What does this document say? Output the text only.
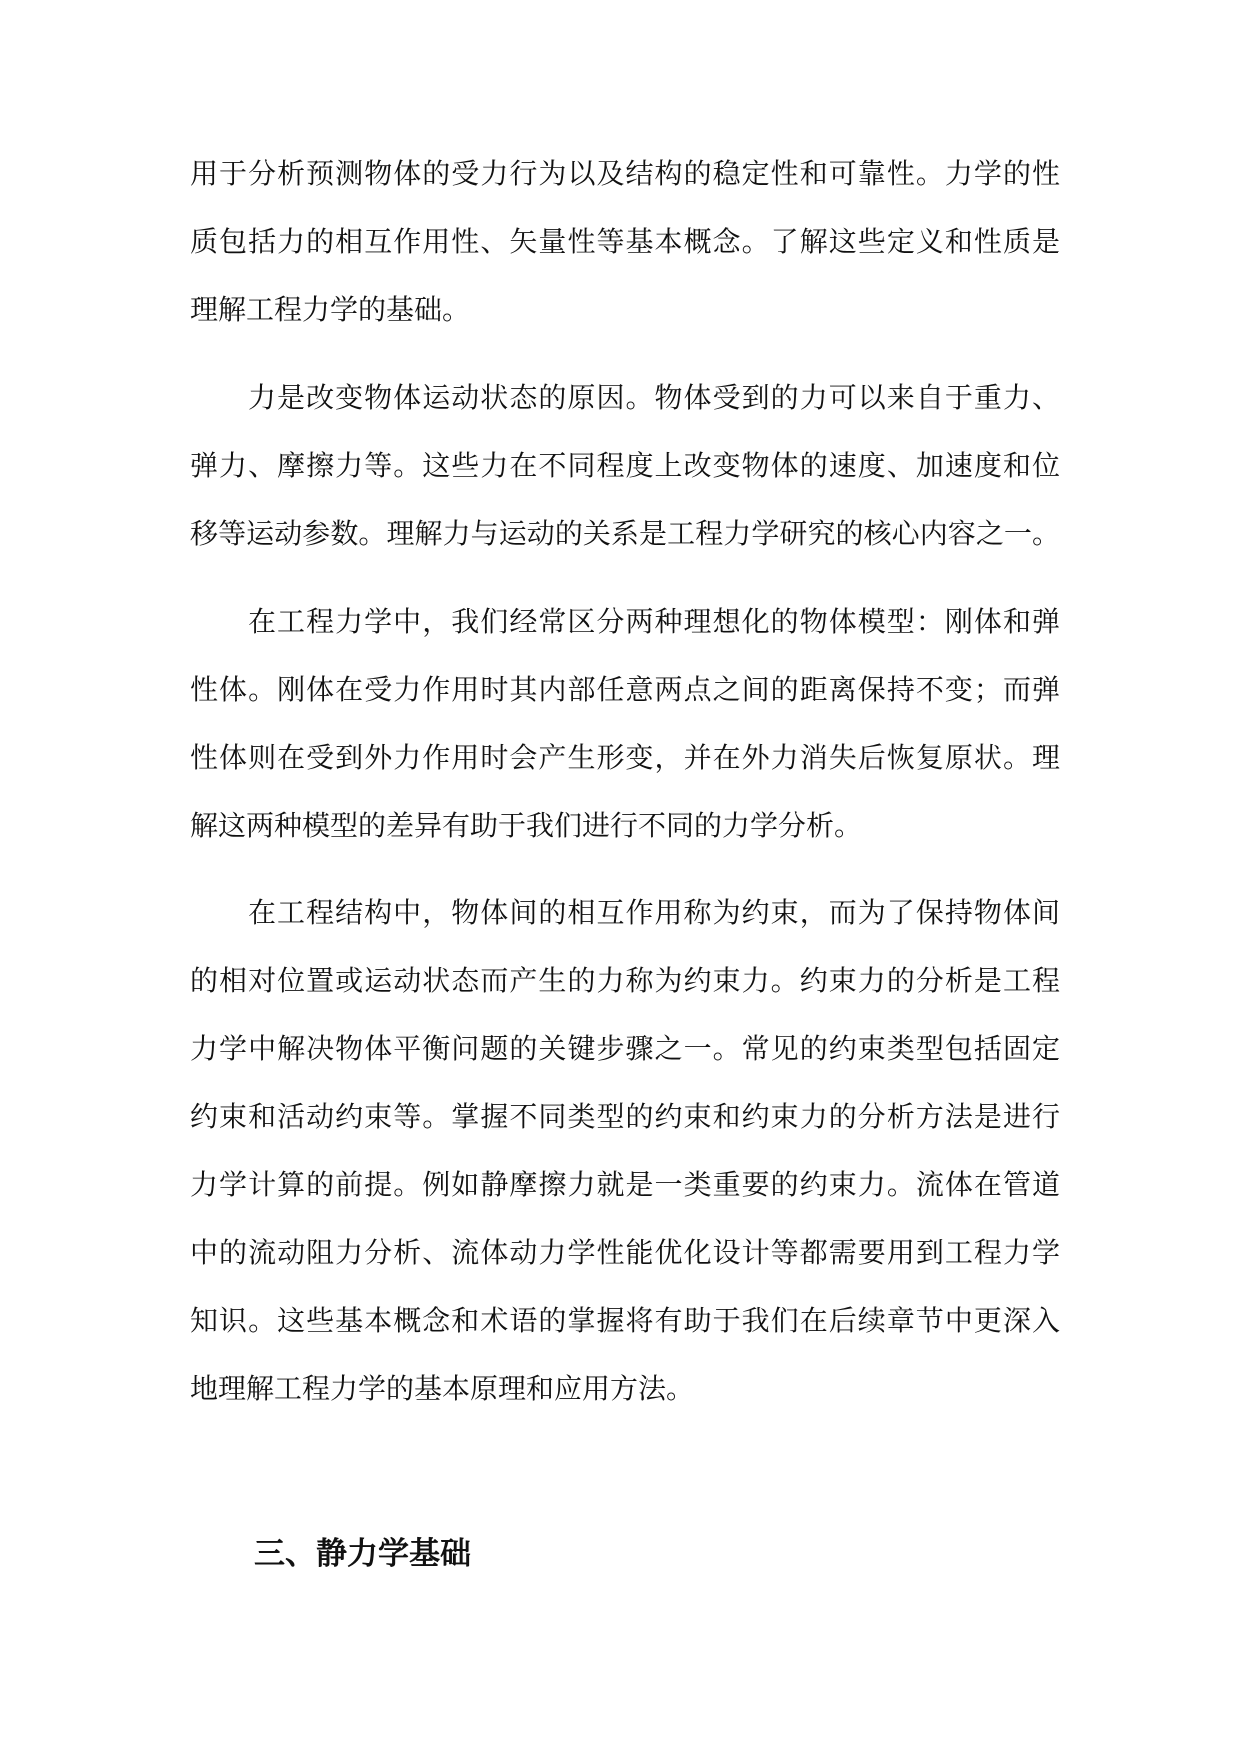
用于分析预测物体的受力行为以及结构的稳定性和可靠性。力学的性
质包括力的相互作用性、矢量性等基本概念。了解这些定义和性质是
理解工程力学的基础。
力是改变物体运动状态的原因。物体受到的力可以来自于重力、
弹力、摩擦力等。这些力在不同程度上改变物体的速度、加速度和位
移等运动参数。理解力与运动的关系是工程力学研究的核心内容之一。
在工程力学中，我们经常区分两种理想化的物体模型：刚体和弹
性体。刚体在受力作用时其内部任意两点之间的距离保持不变；而弹
性体则在受到外力作用时会产生形变，并在外力消失后恢复原状。理
解这两种模型的差异有助于我们进行不同的力学分析。
在工程结构中，物体间的相互作用称为约束，而为了保持物体间
的相对位置或运动状态而产生的力称为约束力。约束力的分析是工程
力学中解决物体平衡问题的关键步骤之一。常见的约束类型包括固定
约束和活动约束等。掌握不同类型的约束和约束力的分析方法是进行
力学计算的前提。例如静摩擦力就是一类重要的约束力。流体在管道
中的流动阻力分析、流体动力学性能优化设计等都需要用到工程力学
知识。这些基本概念和术语的掌握将有助于我们在后续章节中更深入
地理解工程力学的基本原理和应用方法。
三、静力学基础
